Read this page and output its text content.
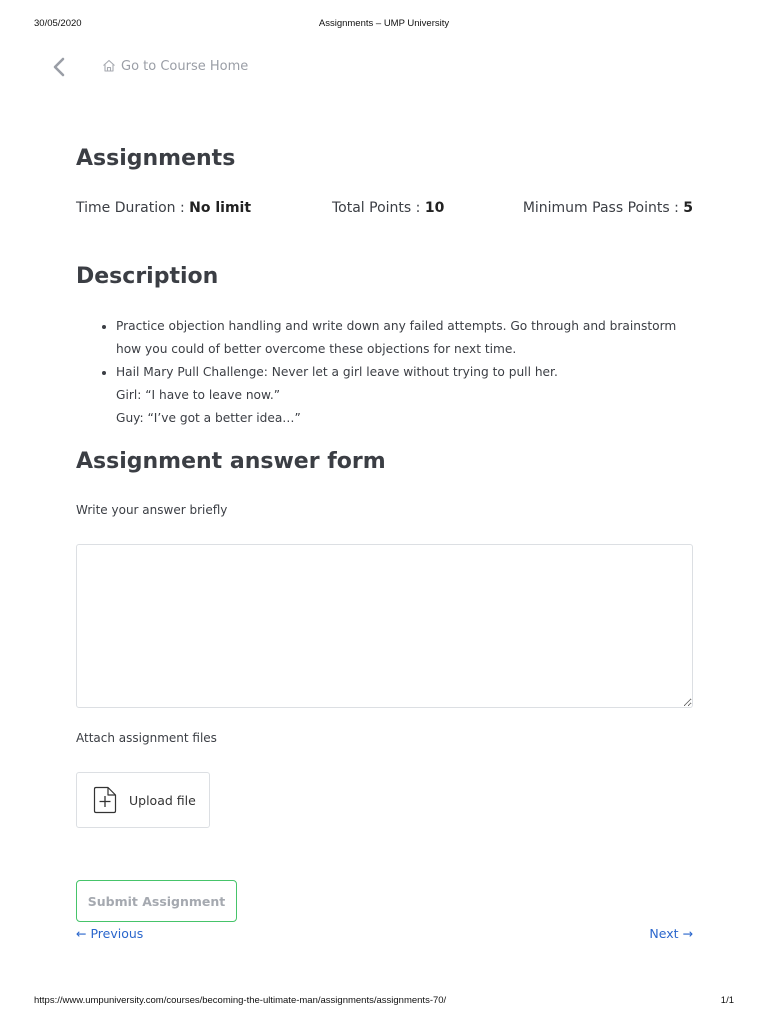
30/05/2020	Assignments – UMP University
Go to Course Home
Assignments
Time Duration : No limit	Total Points : 10	Minimum Pass Points : 5
Description
• Practice objection handling and write down any failed attempts. Go through and brainstorm how you could of better overcome these objections for next time.
• Hail Mary Pull Challenge: Never let a girl leave without trying to pull her.
Girl: “I have to leave now.”
Guy: “I’ve got a better idea…”
Assignment answer form
Write your answer briefly
Attach assignment files
Upload file
Submit Assignment
← Previous	Next →
https://www.umpuniversity.com/courses/becoming-the-ultimate-man/assignments/assignments-70/	1/1
